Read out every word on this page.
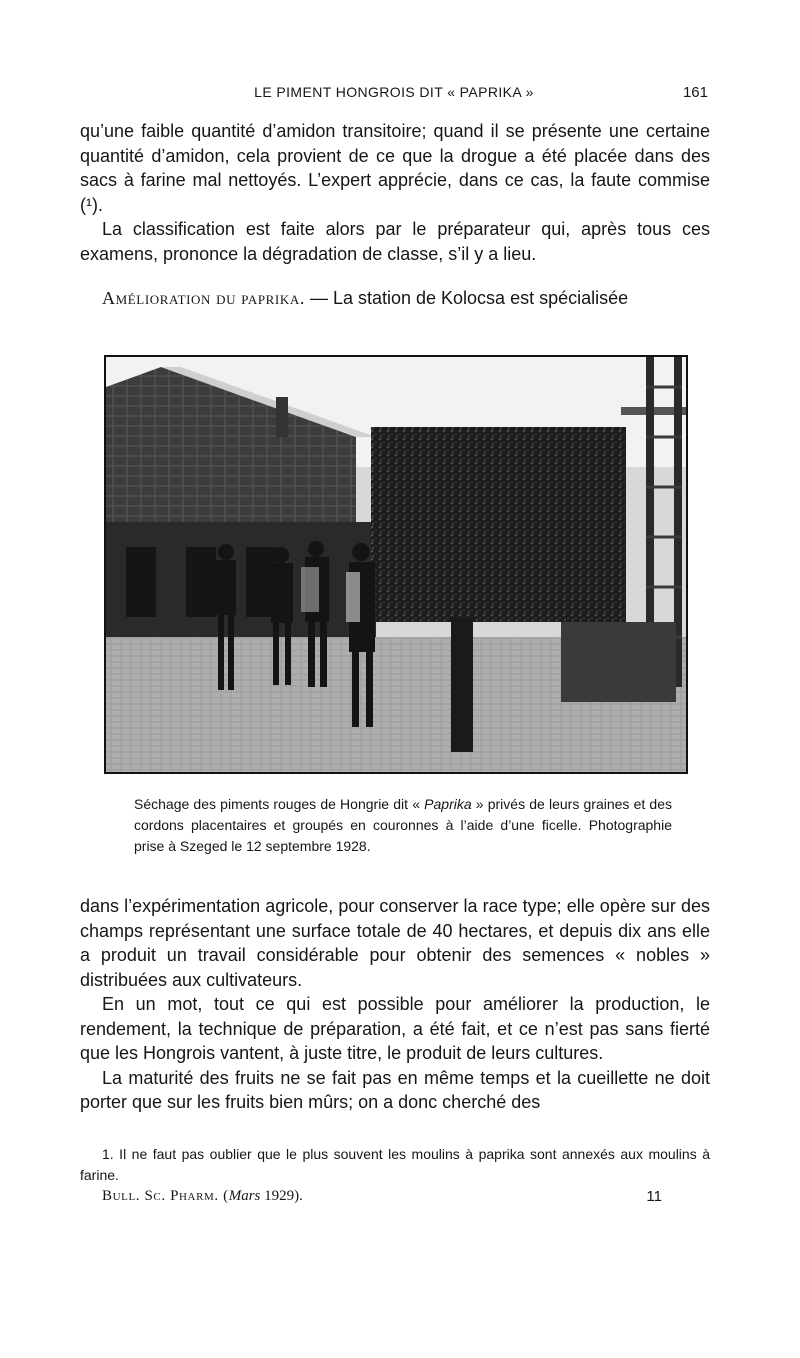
LE PIMENT HONGROIS DIT « PAPRIKA »	161

qu’une faible quantité d’amidon transitoire; quand il se présente une certaine quantité d’amidon, cela provient de ce que la drogue a été placée dans des sacs à farine mal nettoyés. L’expert apprécie, dans ce cas, la faute commise (¹).

La classification est faite alors par le préparateur qui, après tous ces examens, prononce la dégradation de classe, s’il y a lieu.

Amélioration du paprika. — La station de Kolocsa est spécialisée

Séchage des piments rouges de Hongrie dit « Paprika » privés de leurs graines et des cordons placentaires et groupés en couronnes à l’aide d’une ficelle. Photographie prise à Szeged le 12 septembre 1928.

dans l’expérimentation agricole, pour conserver la race type; elle opère sur des champs représentant une surface totale de 40 hectares, et depuis dix ans elle a produit un travail considérable pour obtenir des semences « nobles » distribuées aux cultivateurs.

En un mot, tout ce qui est possible pour améliorer la production, le rendement, la technique de préparation, a été fait, et ce n’est pas sans fierté que les Hongrois vantent, à juste titre, le produit de leurs cultures.

La maturité des fruits ne se fait pas en même temps et la cueillette ne doit porter que sur les fruits bien mûrs; on a donc cherché des

1. Il ne faut pas oublier que le plus souvent les moulins à paprika sont annexés aux moulins à farine.

Bull. Sc. Pharm. (Mars 1929).	11
